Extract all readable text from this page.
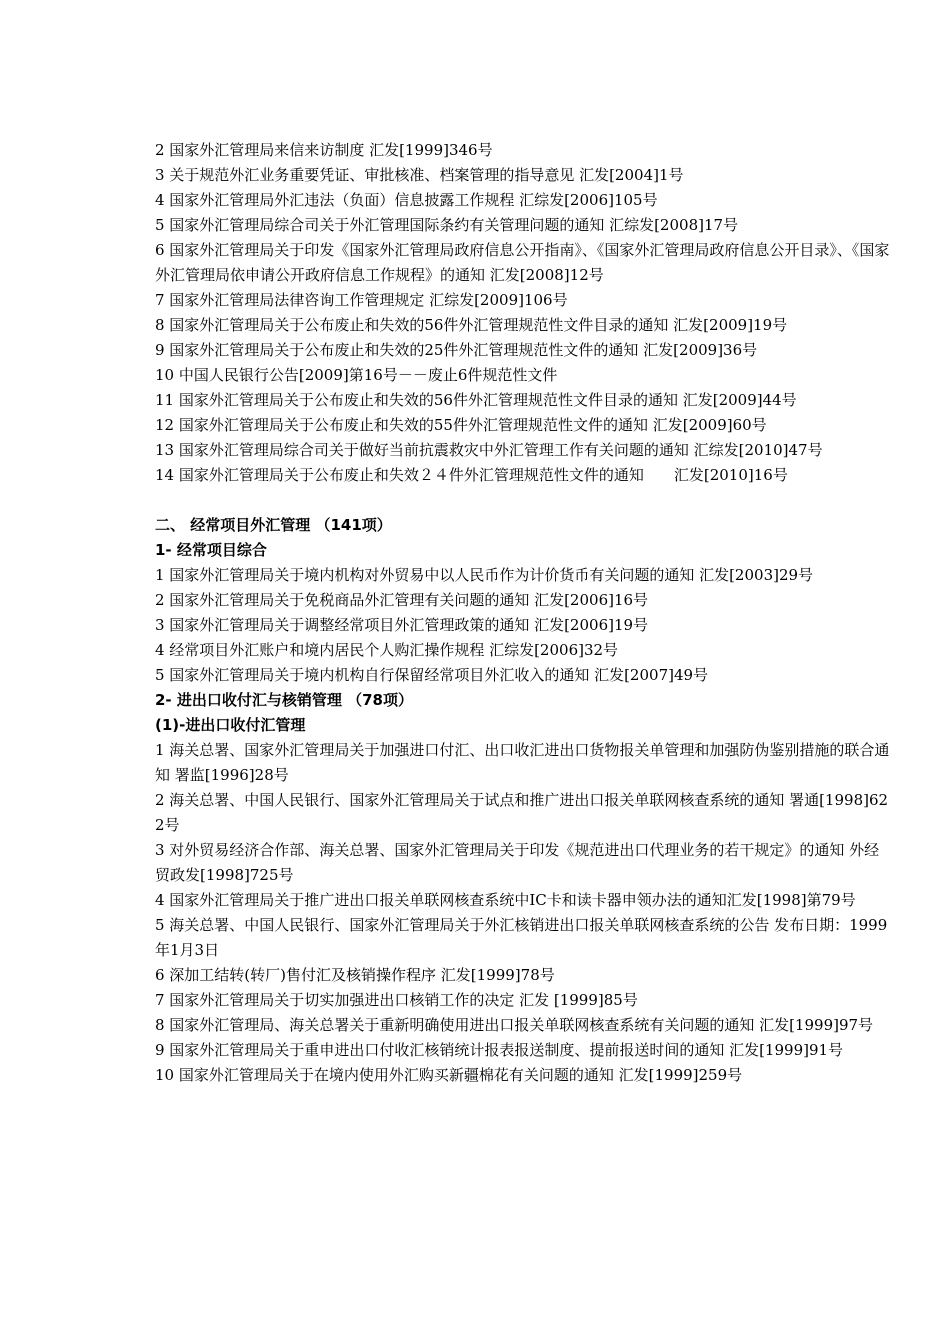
2 国家外汇管理局来信来访制度 汇发[1999]346号

3 关于规范外汇业务重要凭证、审批核准、档案管理的指导意见 汇发[2004]1号

4 国家外汇管理局外汇违法（负面）信息披露工作规程 汇综发[2006]105号

5 国家外汇管理局综合司关于外汇管理国际条约有关管理问题的通知 汇综发[2008]17号

6 国家外汇管理局关于印发《国家外汇管理局政府信息公开指南》、《国家外汇管理局政府信息公开目录》、《国家外汇管理局依申请公开政府信息工作规程》的通知 汇发[2008]12号

7 国家外汇管理局法律咨询工作管理规定 汇综发[2009]106号

8 国家外汇管理局关于公布废止和失效的56件外汇管理规范性文件目录的通知 汇发[2009]19号

9 国家外汇管理局关于公布废止和失效的25件外汇管理规范性文件的通知 汇发[2009]36号

10 中国人民银行公告[2009]第16号－－废止6件规范性文件

11 国家外汇管理局关于公布废止和失效的56件外汇管理规范性文件目录的通知 汇发[2009]44号

12 国家外汇管理局关于公布废止和失效的55件外汇管理规范性文件的通知 汇发[2009]60号

13 国家外汇管理局综合司关于做好当前抗震救灾中外汇管理工作有关问题的通知 汇综发[2010]47号

14 国家外汇管理局关于公布废止和失效２４件外汇管理规范性文件的通知　　汇发[2010]16号

二、 经常项目外汇管理 （141项）

1- 经常项目综合

1 国家外汇管理局关于境内机构对外贸易中以人民币作为计价货币有关问题的通知 汇发[2003]29号

2 国家外汇管理局关于免税商品外汇管理有关问题的通知 汇发[2006]16号

3 国家外汇管理局关于调整经常项目外汇管理政策的通知 汇发[2006]19号

4 经常项目外汇账户和境内居民个人购汇操作规程 汇综发[2006]32号

5 国家外汇管理局关于境内机构自行保留经常项目外汇收入的通知 汇发[2007]49号

2- 进出口收付汇与核销管理 （78项）

(1)-进出口收付汇管理

1 海关总署、国家外汇管理局关于加强进口付汇、出口收汇进出口货物报关单管理和加强防伪鉴别措施的联合通知 署监[1996]28号

2 海关总署、中国人民银行、国家外汇管理局关于试点和推广进出口报关单联网核查系统的通知 署通[1998]622号

3 对外贸易经济合作部、海关总署、国家外汇管理局关于印发《规范进出口代理业务的若干规定》的通知 外经贸政发[1998]725号

4 国家外汇管理局关于推广进出口报关单联网核查系统中IC卡和读卡器申领办法的通知汇发[1998]第79号

5 海关总署、中国人民银行、国家外汇管理局关于外汇核销进出口报关单联网核查系统的公告 发布日期：1999年1月3日

6 深加工结转(转厂)售付汇及核销操作程序 汇发[1999]78号

7 国家外汇管理局关于切实加强进出口核销工作的决定 汇发 [1999]85号

8 国家外汇管理局、海关总署关于重新明确使用进出口报关单联网核查系统有关问题的通知 汇发[1999]97号

9 国家外汇管理局关于重申进出口付收汇核销统计报表报送制度、提前报送时间的通知 汇发[1999]91号

10 国家外汇管理局关于在境内使用外汇购买新疆棉花有关问题的通知 汇发[1999]259号
